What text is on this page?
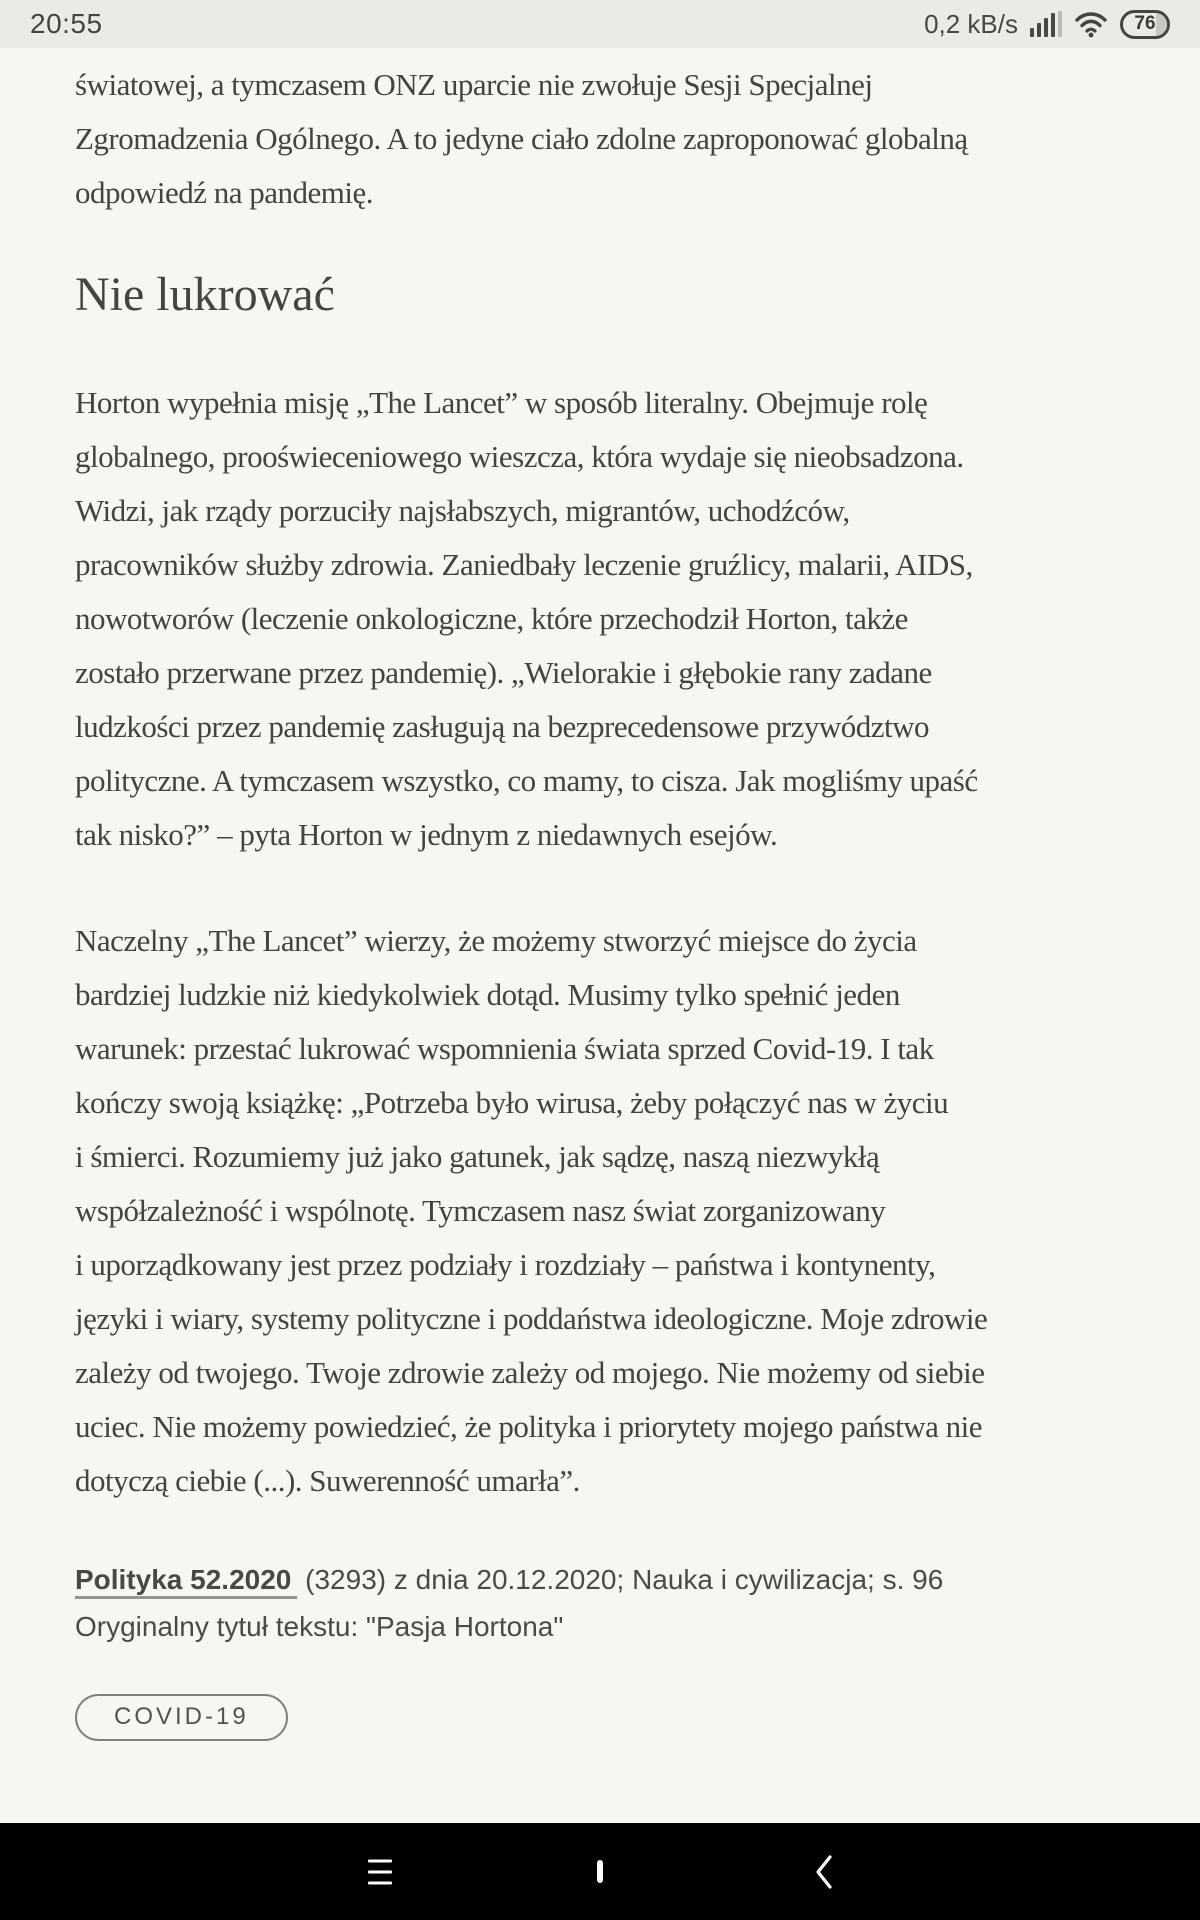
20:55	0,2 kB/s	76
światowej, a tymczasem ONZ uparcie nie zwołuje Sesji Specjalnej
Zgromadzenia Ogólnego. A to jedyne ciało zdolne zaproponować globalną
odpowiedź na pandemię.
Nie lukrować
Horton wypełnia misję „The Lancet” w sposób literalny. Obejmuje rolę
globalnego, prooświeceniowego wieszcza, która wydaje się nieobsadzona.
Widzi, jak rządy porzuciły najsłabszych, migrantów, uchodźców,
pracowników służby zdrowia. Zaniedbały leczenie gruźlicy, malarii, AIDS,
nowotworów (leczenie onkologiczne, które przechodził Horton, także
zostało przerwane przez pandemię). „Wielorakie i głębokie rany zadane
ludzkości przez pandemię zasługują na bezprecedensowe przywództwo
polityczne. A tymczasem wszystko, co mamy, to cisza. Jak mogliśmy upaść
tak nisko?” – pyta Horton w jednym z niedawnych esejów.
Naczelny „The Lancet” wierzy, że możemy stworzyć miejsce do życia
bardziej ludzkie niż kiedykolwiek dotąd. Musimy tylko spełnić jeden
warunek: przestać lukrować wspomnienia świata sprzed Covid-19. I tak
kończy swoją książkę: „Potrzeba było wirusa, żeby połączyć nas w życiu
i śmierci. Rozumiemy już jako gatunek, jak sądzę, naszą niezwykłą
współzależność i wspólnotę. Tymczasem nasz świat zorganizowany
i uporządkowany jest przez podziały i rozdziały – państwa i kontynenty,
języki i wiary, systemy polityczne i poddaństwa ideologiczne. Moje zdrowie
zależy od twojego. Twoje zdrowie zależy od mojego. Nie możemy od siebie
uciec. Nie możemy powiedzieć, że polityka i priorytety mojego państwa nie
dotyczą ciebie (...). Suwerenność umarła”.
Polityka 52.2020 (3293) z dnia 20.12.2020; Nauka i cywilizacja; s. 96
Oryginalny tytuł tekstu: "Pasja Hortona"
COVID-19
